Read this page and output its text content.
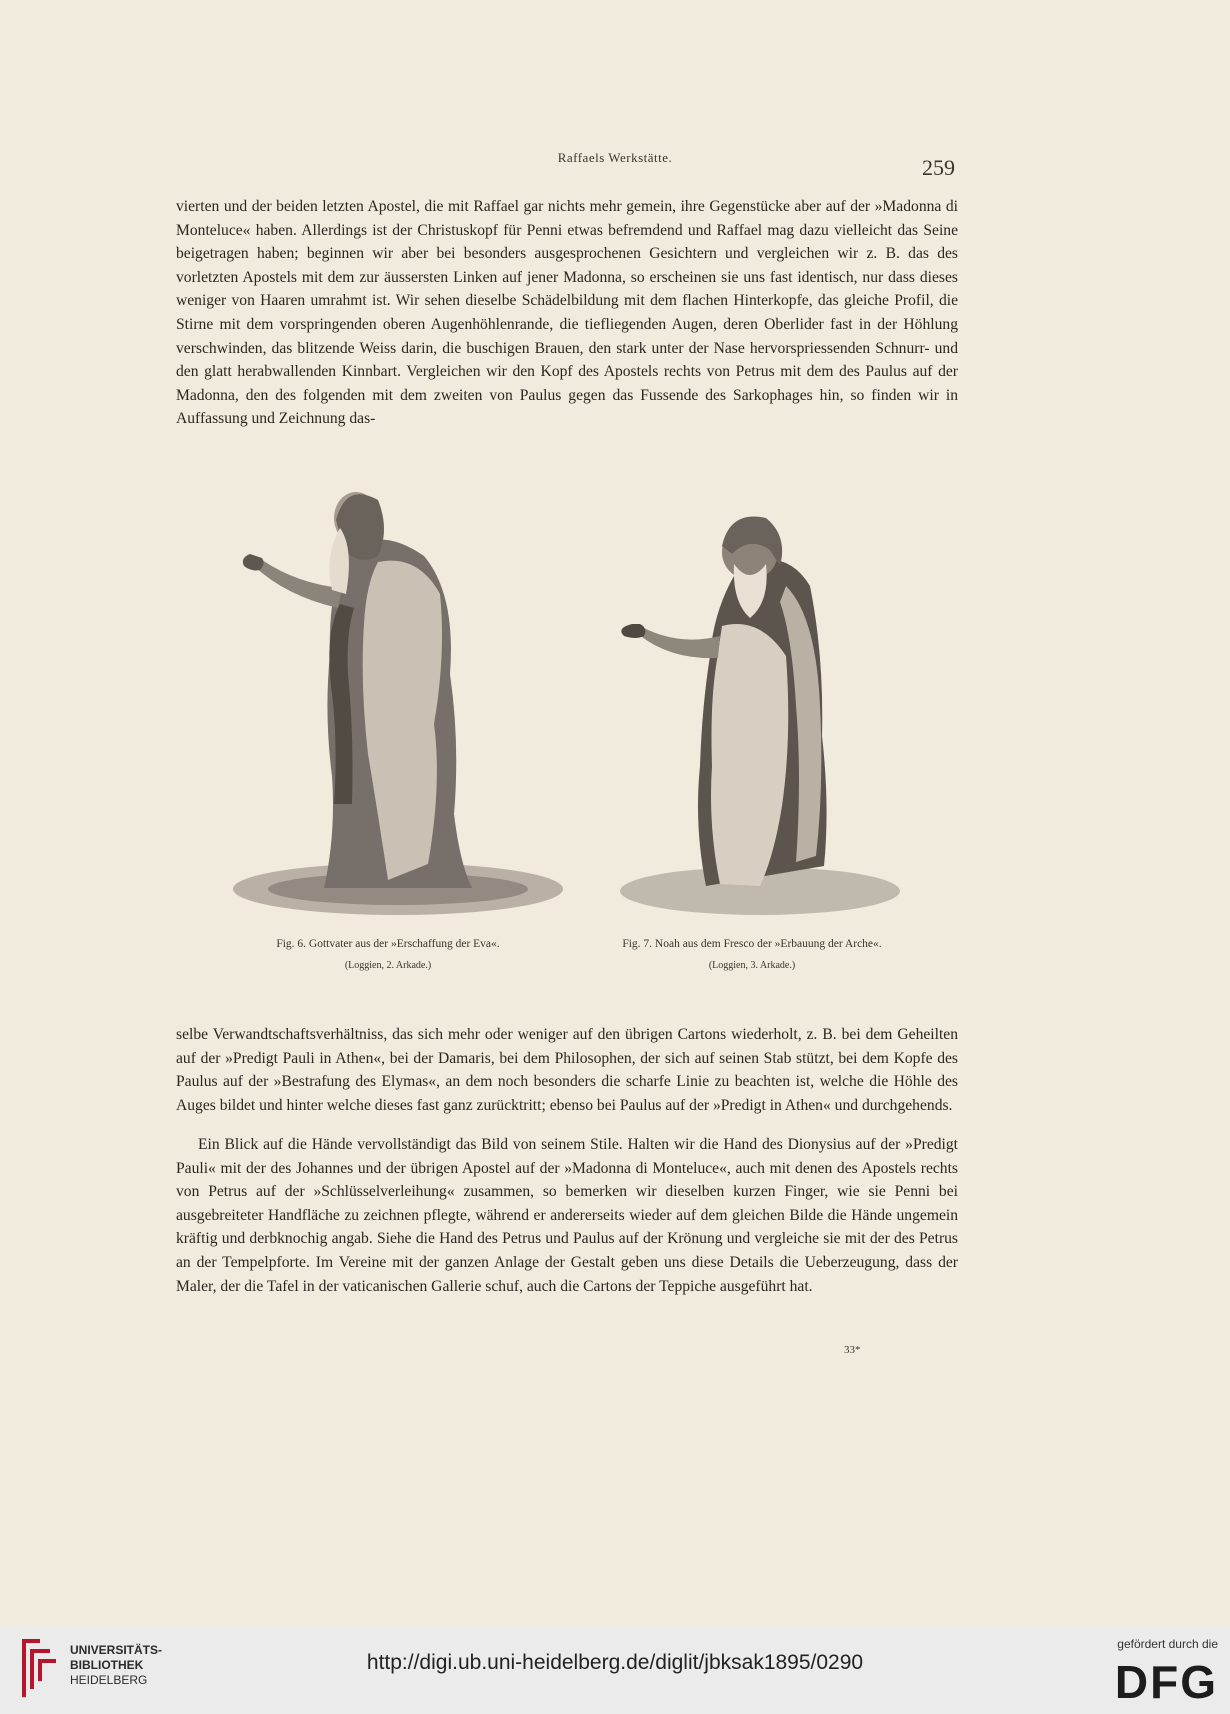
Raffaels Werkstätte.	259

vierten und der beiden letzten Apostel, die mit Raffael gar nichts mehr gemein, ihre Gegenstücke aber auf der »Madonna di Monteluce« haben. Allerdings ist der Christuskopf für Penni etwas befremdend und Raffael mag dazu vielleicht das Seine beigetragen haben; beginnen wir aber bei besonders ausgesprochenen Gesichtern und vergleichen wir z. B. das des vorletzten Apostels mit dem zur äussersten Linken auf jener Madonna, so erscheinen sie uns fast identisch, nur dass dieses weniger von Haaren umrahmt ist. Wir sehen dieselbe Schädelbildung mit dem flachen Hinterkopfe, das gleiche Profil, die Stirne mit dem vorspringenden oberen Augenhöhlenrande, die tiefliegenden Augen, deren Oberlider fast in der Höhlung verschwinden, das blitzende Weiss darin, die buschigen Brauen, den stark unter der Nase hervorspriessenden Schnurr- und den glatt herabwallenden Kinnbart. Vergleichen wir den Kopf des Apostels rechts von Petrus mit dem des Paulus auf der Madonna, den des folgenden mit dem zweiten von Paulus gegen das Fussende des Sarkophages hin, so finden wir in Auffassung und Zeichnung das-

Fig. 6. Gottvater aus der »Erschaffung der Eva«.
(Loggien, 2. Arkade.)
Fig. 7. Noah aus dem Fresco der »Erbauung der Arche«.
(Loggien, 3. Arkade.)

selbe Verwandtschaftsverhältniss, das sich mehr oder weniger auf den übrigen Cartons wiederholt, z. B. bei dem Geheilten auf der »Predigt Pauli in Athen«, bei der Damaris, bei dem Philosophen, der sich auf seinen Stab stützt, bei dem Kopfe des Paulus auf der »Bestrafung des Elymas«, an dem noch besonders die scharfe Linie zu beachten ist, welche die Höhle des Auges bildet und hinter welche dieses fast ganz zurücktritt; ebenso bei Paulus auf der »Predigt in Athen« und durchgehends.

Ein Blick auf die Hände vervollständigt das Bild von seinem Stile. Halten wir die Hand des Dionysius auf der »Predigt Pauli« mit der des Johannes und der übrigen Apostel auf der »Madonna di Monteluce«, auch mit denen des Apostels rechts von Petrus auf der »Schlüsselverleihung« zusammen, so bemerken wir dieselben kurzen Finger, wie sie Penni bei ausgebreiteter Handfläche zu zeichnen pflegte, während er andererseits wieder auf dem gleichen Bilde die Hände ungemein kräftig und derbknochig angab. Siehe die Hand des Petrus und Paulus auf der Krönung und vergleiche sie mit der des Petrus an der Tempelpforte. Im Vereine mit der ganzen Anlage der Gestalt geben uns diese Details die Ueberzeugung, dass der Maler, der die Tafel in der vaticanischen Gallerie schuf, auch die Cartons der Teppiche ausgeführt hat.

33*
UNIVERSITÄTS-
BIBLIOTHEK
HEIDELBERG
http://digi.ub.uni-heidelberg.de/diglit/jbksak1895/0290
gefördert durch die
DFG
